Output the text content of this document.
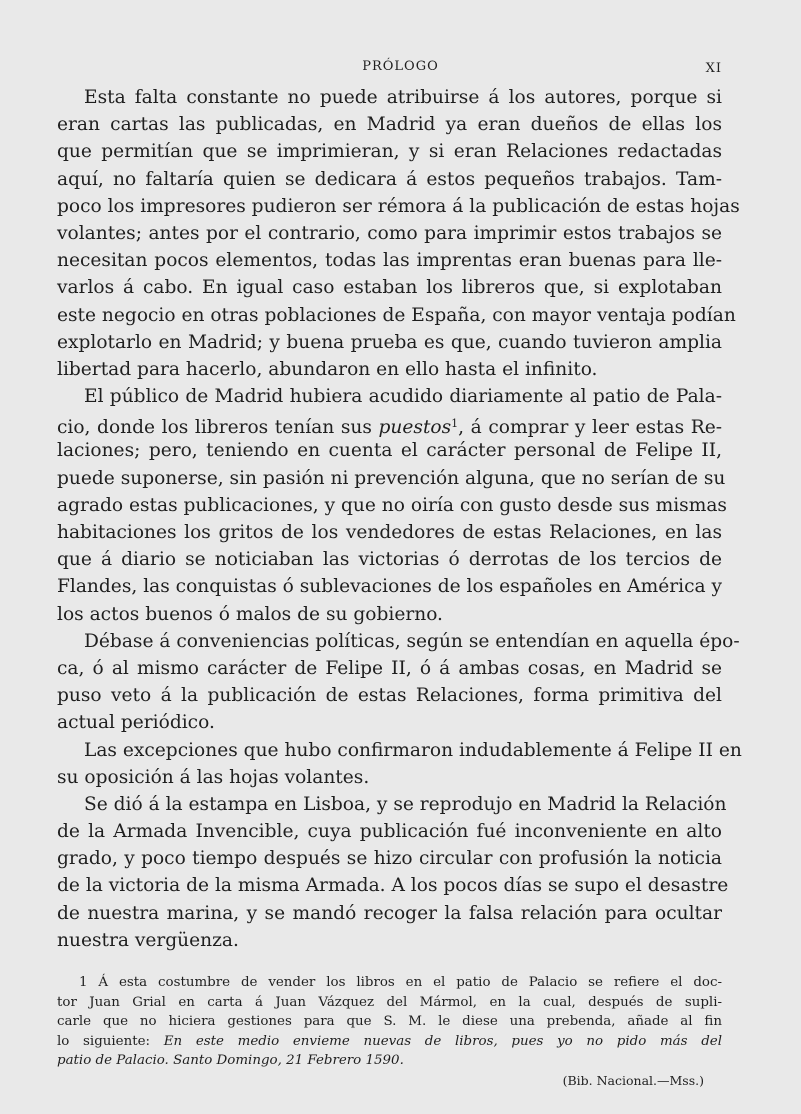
PRÓLOGO	XI
Esta falta constante no puede atribuirse á los autores, porque si
eran cartas las publicadas, en Madrid ya eran dueños de ellas los
que permitían que se imprimieran, y si eran Relaciones redactadas
aquí, no faltaría quien se dedicara á estos pequeños trabajos. Tam-
poco los impresores pudieron ser rémora á la publicación de estas hojas
volantes; antes por el contrario, como para imprimir estos trabajos se
necesitan pocos elementos, todas las imprentas eran buenas para lle-
varlos á cabo. En igual caso estaban los libreros que, si explotaban
este negocio en otras poblaciones de España, con mayor ventaja podían
explotarlo en Madrid; y buena prueba es que, cuando tuvieron amplia
libertad para hacerlo, abundaron en ello hasta el infinito.
El público de Madrid hubiera acudido diariamente al patio de Pala-
cio, donde los libreros tenían sus puestos$^1$, á comprar y leer estas Re-
laciones; pero, teniendo en cuenta el carácter personal de Felipe II,
puede suponerse, sin pasión ni prevención alguna, que no serían de su
agrado estas publicaciones, y que no oiría con gusto desde sus mismas
habitaciones los gritos de los vendedores de estas Relaciones, en las
que á diario se noticiaban las victorias ó derrotas de los tercios de
Flandes, las conquistas ó sublevaciones de los españoles en América y
los actos buenos ó malos de su gobierno.
Débase á conveniencias políticas, según se entendían en aquella épo-
ca, ó al mismo carácter de Felipe II, ó á ambas cosas, en Madrid se
puso veto á la publicación de estas Relaciones, forma primitiva del
actual periódico.
Las excepciones que hubo confirmaron indudablemente á Felipe II en
su oposición á las hojas volantes.
Se dió á la estampa en Lisboa, y se reprodujo en Madrid la Relación
de la Armada Invencible, cuya publicación fué inconveniente en alto
grado, y poco tiempo después se hizo circular con profusión la noticia
de la victoria de la misma Armada. A los pocos días se supo el desastre
de nuestra marina, y se mandó recoger la falsa relación para ocultar
nuestra vergüenza.
1 Á esta costumbre de vender los libros en el patio de Palacio se refiere el doc-
tor Juan Grial en carta á Juan Vázquez del Mármol, en la cual, después de supli-
carle que no hiciera gestiones para que S. M. le diese una prebenda, añade al fin
lo siguiente: En este medio envieme nuevas de libros, pues yo no pido más del
patio de Palacio. Santo Domingo, 21 Febrero 1590.
(Bib. Nacional.—Mss.)
